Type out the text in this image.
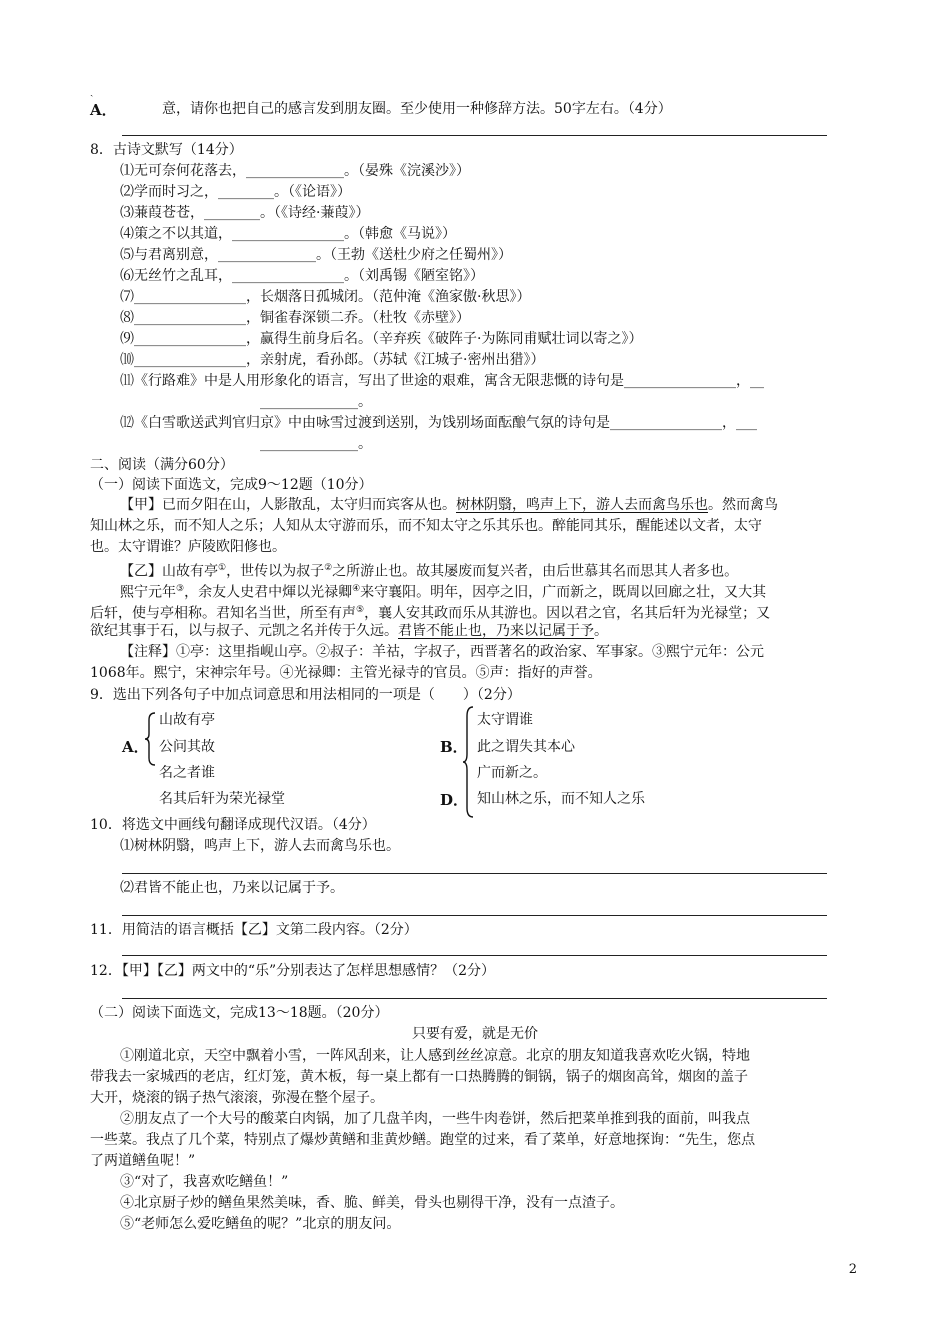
ˏ
A．	意，请你也把自己的感言发到朋友圈。至少使用一种修辞方法。50字左右。（4分）
8．古诗文默写（14分）
⑴无可奈何花落去，______________。（晏殊《浣溪沙》）
⑵学而时习之，________。（《论语》）
⑶蒹葭苍苍，________。（《诗经·蒹葭》）
⑷策之不以其道，________________。（韩愈《马说》）
⑸与君离别意，______________。（王勃《送杜少府之任蜀州》）
⑹无丝竹之乱耳，________________。（刘禹锡《陋室铭》）
⑺________________，长烟落日孤城闭。（范仲淹《渔家傲·秋思》）
⑻________________，铜雀春深锁二乔。（杜牧《赤壁》）
⑼________________，赢得生前身后名。（辛弃疾《破阵子·为陈同甫赋壮词以寄之》）
⑽________________，亲射虎，看孙郎。（苏轼《江城子·密州出猎》）
⑾《行路难》中是人用形象化的语言，写出了世途的艰难，寓含无限悲慨的诗句是________________，__
______________。
⑿《白雪歌送武判官归京》中由咏雪过渡到送别，为饯别场面酝酿气氛的诗句是________________，___
______________。
二、阅读（满分60分）
（一）阅读下面选文，完成9～12题（10分）
【甲】已而夕阳在山，人影散乱，太守归而宾客从也。树林阴翳，鸣声上下，游人去而禽鸟乐也。然而禽鸟
知山林之乐，而不知人之乐；人知从太守游而乐，而不知太守之乐其乐也。醉能同其乐，醒能述以文者，太守
也。太守谓谁？庐陵欧阳修也。
【乙】山故有亭①，世传以为叔子②之所游止也。故其屡废而复兴者，由后世慕其名而思其人者多也。
熙宁元年③，余友人史君中煇以光禄卿④来守襄阳。明年，因亭之旧，广而新之，既周以回廊之壮，又大其
后轩，使与亭相称。君知名当世，所至有声⑤，襄人安其政而乐从其游也。因以君之官，名其后轩为光禄堂；又
欲纪其事于石，以与叔子、元凯之名并传于久远。君皆不能止也，乃来以记属于予。
【注释】①亭：这里指岘山亭。②叔子：羊祜，字叔子，西晋著名的政治家、军事家。③熙宁元年：公元
1068年。熙宁，宋神宗年号。④光禄卿：主管光禄寺的官员。⑤声：指好的声誉。
9．选出下列各句子中加点词意思和用法相同的一项是（　　）（2分）
A．
山故有亭
公问其故
名之者谁
名其后轩为荣光禄堂
B．
太守谓谁
此之谓失其本心
广而新之。
D． 知山林之乐，而不知人之乐
10．将选文中画线句翻译成现代汉语。（4分）
⑴树林阴翳，鸣声上下，游人去而禽鸟乐也。
⑵君皆不能止也，乃来以记属于予。
11．用简洁的语言概括【乙】文第二段内容。（2分）
12．【甲】【乙】两文中的“乐”分别表达了怎样思想感情？（2分）
（二）阅读下面选文，完成13～18题。（20分）
只要有爱，就是无价
①刚道北京，天空中飘着小雪，一阵风刮来，让人感到丝丝凉意。北京的朋友知道我喜欢吃火锅，特地
带我去一家城西的老店，红灯笼，黄木板，每一桌上都有一口热腾腾的铜锅，锅子的烟囱高耸，烟囱的盖子
大开，烧滚的锅子热气滚滚，弥漫在整个屋子。
②朋友点了一个大号的酸菜白肉锅，加了几盘羊肉，一些牛肉卷饼，然后把菜单推到我的面前，叫我点
一些菜。我点了几个菜，特别点了爆炒黄鳝和韭黄炒鳝。跑堂的过来，看了菜单，好意地探询：“先生，您点
了两道鳝鱼呢！”
③“对了，我喜欢吃鳝鱼！”
④北京厨子炒的鳝鱼果然美味，香、脆、鲜美，骨头也剔得干净，没有一点渣子。
⑤“老师怎么爱吃鳝鱼的呢？”北京的朋友问。
2
